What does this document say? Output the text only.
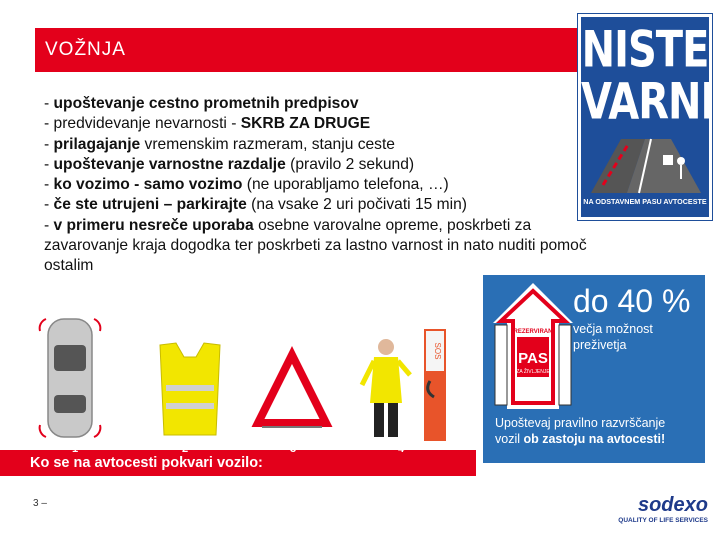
VOŽNJA
- upoštevanje cestno prometnih predpisov
- predvidevanje nevarnosti - SKRB ZA DRUGE
- prilagajanje vremenskim razmeram, stanju ceste
- upoštevanje varnostne razdalje (pravilo 2 sekund)
- ko vozimo - samo vozimo (ne uporabljamo telefona, …)
- če ste utrujeni – parkirajte (na vsake 2 uri počivati 15 min)
- v primeru nesreče uporaba osebne varovalne opreme, poskrbeti za
zavarovanje kraja dogodka ter poskrbeti za lastno varnost in nato nuditi pomoč
ostalim
NISTE
VARNI
NA ODSTAVNEM PASU AVTOCESTE
REZERVIRAN
PAS
ZA ŽIVLJENJE
do 40 %
večja možnost
preživetja
Upoštevaj pravilno razvrščanje
vozil ob zastoju na avtocesti!
SOS
Ko se na avtocesti pokvari vozilo:
1	2	3	4
3 –	sodexo
QUALITY OF LIFE SERVICES
